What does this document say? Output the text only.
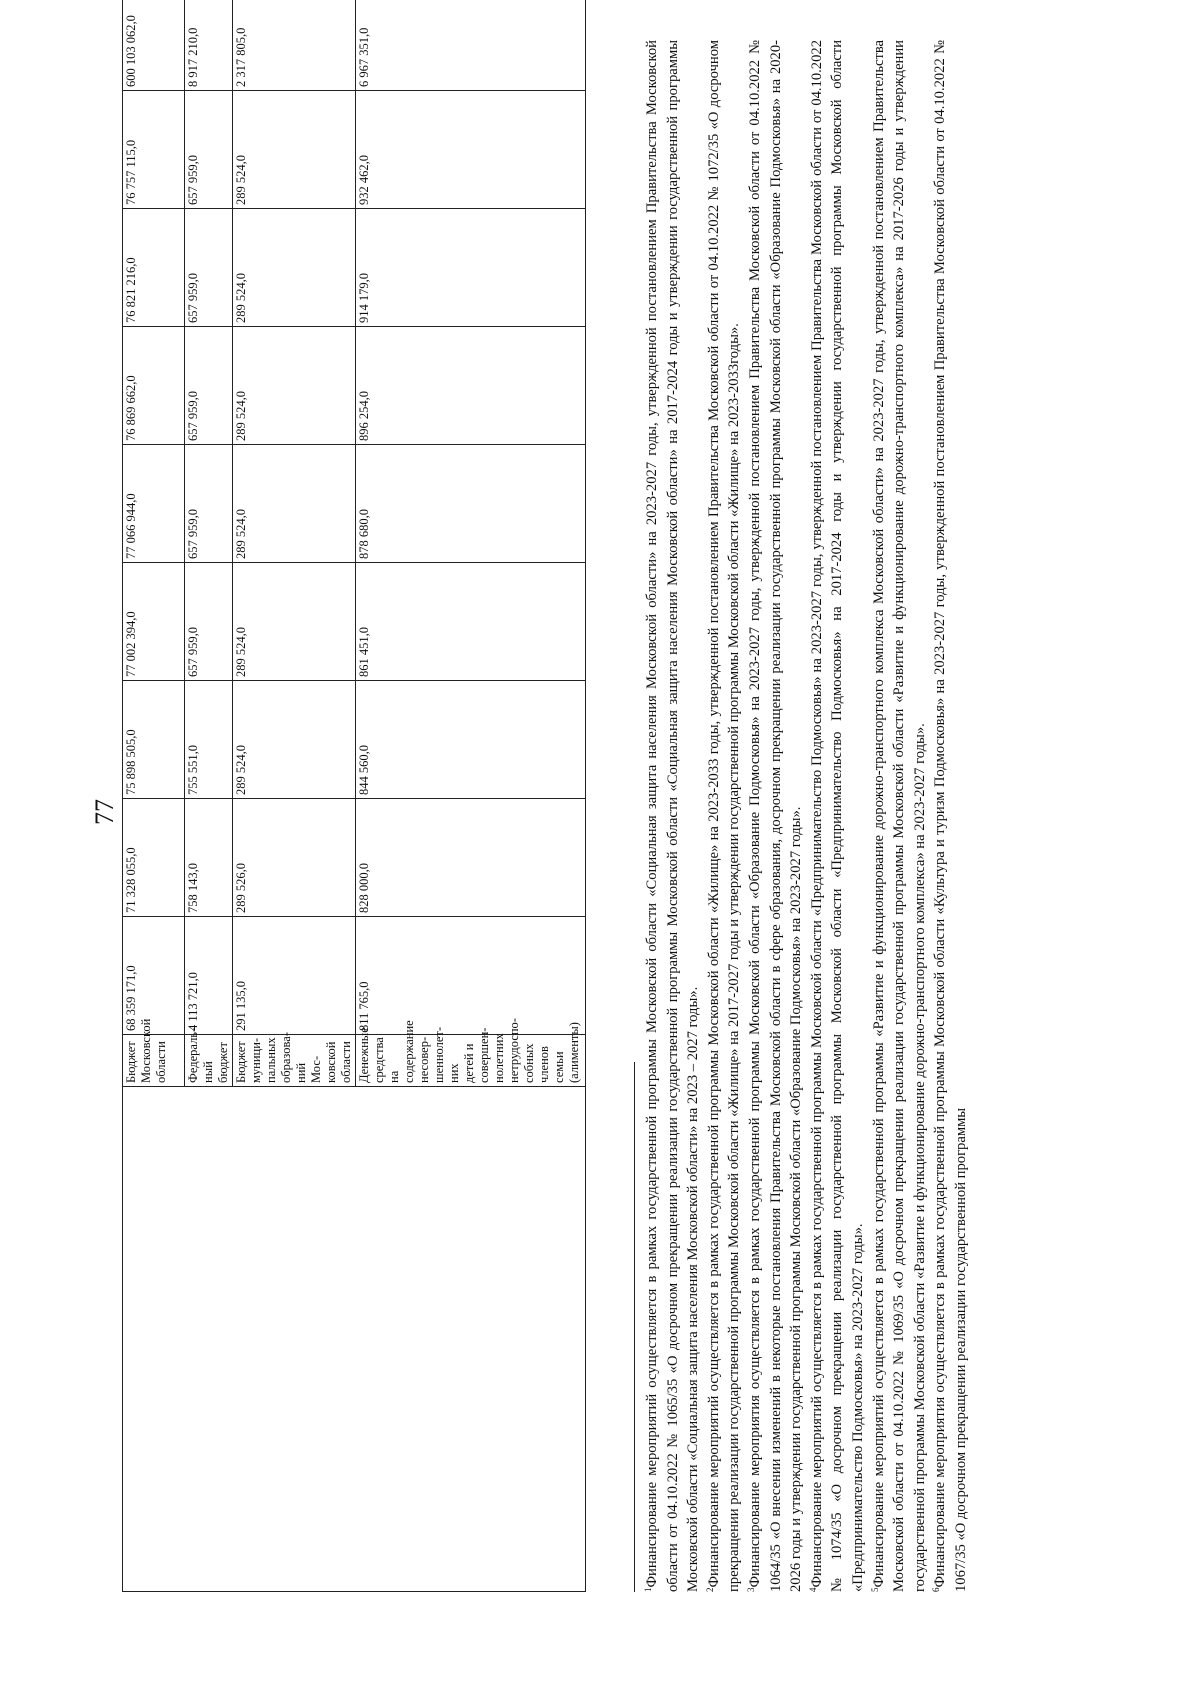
77
	Бюджет Московской области	68 359 171,0	71 328 055,0	75 898 505,0	77 002 394,0	77 066 944,0	76 869 662,0	76 821 216,0	76 757 115,0	600 103 062,0
	Федераль-ный бюджет	4 113 721,0	758 143,0	755 551,0	657 959,0	657 959,0	657 959,0	657 959,0	657 959,0	8 917 210,0
	Бюджет муници-пальных образова-ний Мос-ковской области	291 135,0	289 526,0	289 524,0	289 524,0	289 524,0	289 524,0	289 524,0	289 524,0	2 317 805,0
	Денежные средства на содержание несовер-шеннолет-них детей и совершен-нолетних нетрудоспо-собных членов семьи (алименты)	811 765,0	828 000,0	844 560,0	861 451,0	878 680,0	896 254,0	914 179,0	932 462,0	6 967 351,0

$^1$Финансирование мероприятий осуществляется в рамках государственной программы Московской области «Социальная защита населения Московской области» на 2023-2027 годы, утвержденной постановлением Правительства Московской области от 04.10.2022 № 1065/35 «О досрочном прекращении реализации государственной программы Московской области «Социальная защита населения Московской области» на 2017-2024 годы и утверждении государственной программы Московской области «Социальная защита населения Московской области» на 2023 – 2027 годы». $^2$Финансирование мероприятий осуществляется в рамках государственной программы Московской области «Жилище» на 2023-2033 годы, утвержденной постановлением Правительства Московской области от 04.10.2022 № 1072/35 «О досрочном прекращении реализации государственной программы Московской области «Жилище» на 2017-2027 годы и утверждении государственной программы Московской области «Жилище» на 2023-2033годы». $^3$Финансирование мероприятия осуществляется в рамках государственной программы Московской области «Образование Подмосковья» на 2023-2027 годы, утвержденной постановлением Правительства Московской области от 04.10.2022 № 1064/35 «О внесении изменений в некоторые постановления Правительства Московской области в сфере образования, досрочном прекращении реализации государственной программы Московской области «Образование Подмосковья» на 2020-2026 годы и утверждении государственной программы Московской области «Образование Подмосковья» на 2023-2027 годы». $^4$Финансирование мероприятий осуществляется в рамках государственной программы Московской области «Предпринимательство Подмосковья» на 2023-2027 годы, утвержденной постановлением Правительства Московской области от 04.10.2022 № 1074/35 «О досрочном прекращении реализации государственной программы Московской области «Предпринимательство Подмосковья» на 2017-2024 годы и утверждении государственной программы Московской области «Предпринимательство Подмосковья» на 2023-2027 годы». $^5$Финансирование мероприятий осуществляется в рамках государственной программы «Развитие и функционирование дорожно-транспортного комплекса Московской области» на 2023-2027 годы, утвержденной постановлением Правительства Московской области от 04.10.2022 № 1069/35 «О досрочном прекращении реализации государственной программы Московской области «Развитие и функционирование дорожно-транспортного комплекса» на 2017-2026 годы и утверждении государственной программы Московской области «Развитие и функционирование дорожно-транспортного комплекса» на 2023-2027 годы». $^6$Финансирование мероприятия осуществляется в рамках государственной программы Московской области «Культура и туризм Подмосковья» на 2023-2027 годы, утвержденной постановлением Правительства Московской области от 04.10.2022 № 1067/35 «О досрочном прекращении реализации государственной программы
